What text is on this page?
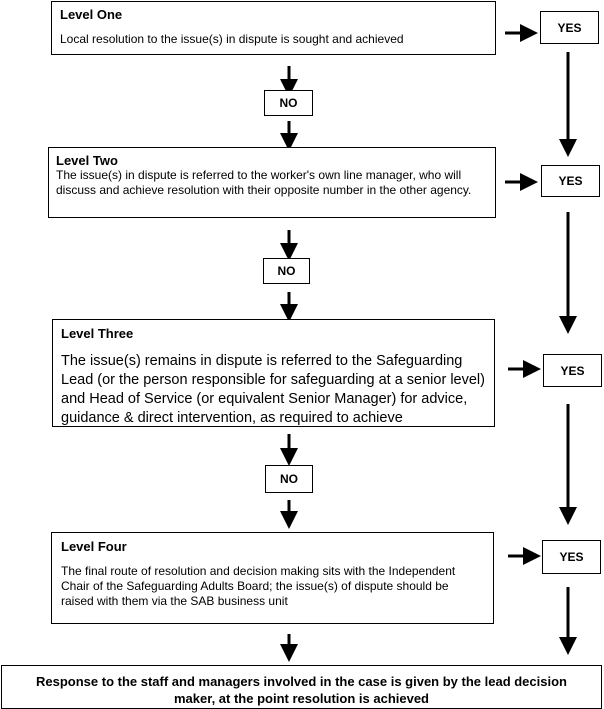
Level One
Local resolution to the issue(s) in dispute is sought and achieved
YES
NO
Level Two
The issue(s) in dispute is referred to the worker's own line manager, who will discuss and achieve resolution with their opposite number in the other agency.
YES
NO
Level Three
The issue(s) remains in dispute is referred to the Safeguarding Lead (or the person responsible for safeguarding at a senior level) and Head of Service (or equivalent Senior Manager) for advice, guidance & direct intervention, as required to achieve
YES
NO
Level Four
The final route of resolution and decision making sits with the Independent Chair of the Safeguarding Adults Board; the issue(s) of dispute should be raised with them via the SAB business unit
YES
Response to the staff and managers involved in the case is given by the lead decision maker, at the point resolution is achieved
